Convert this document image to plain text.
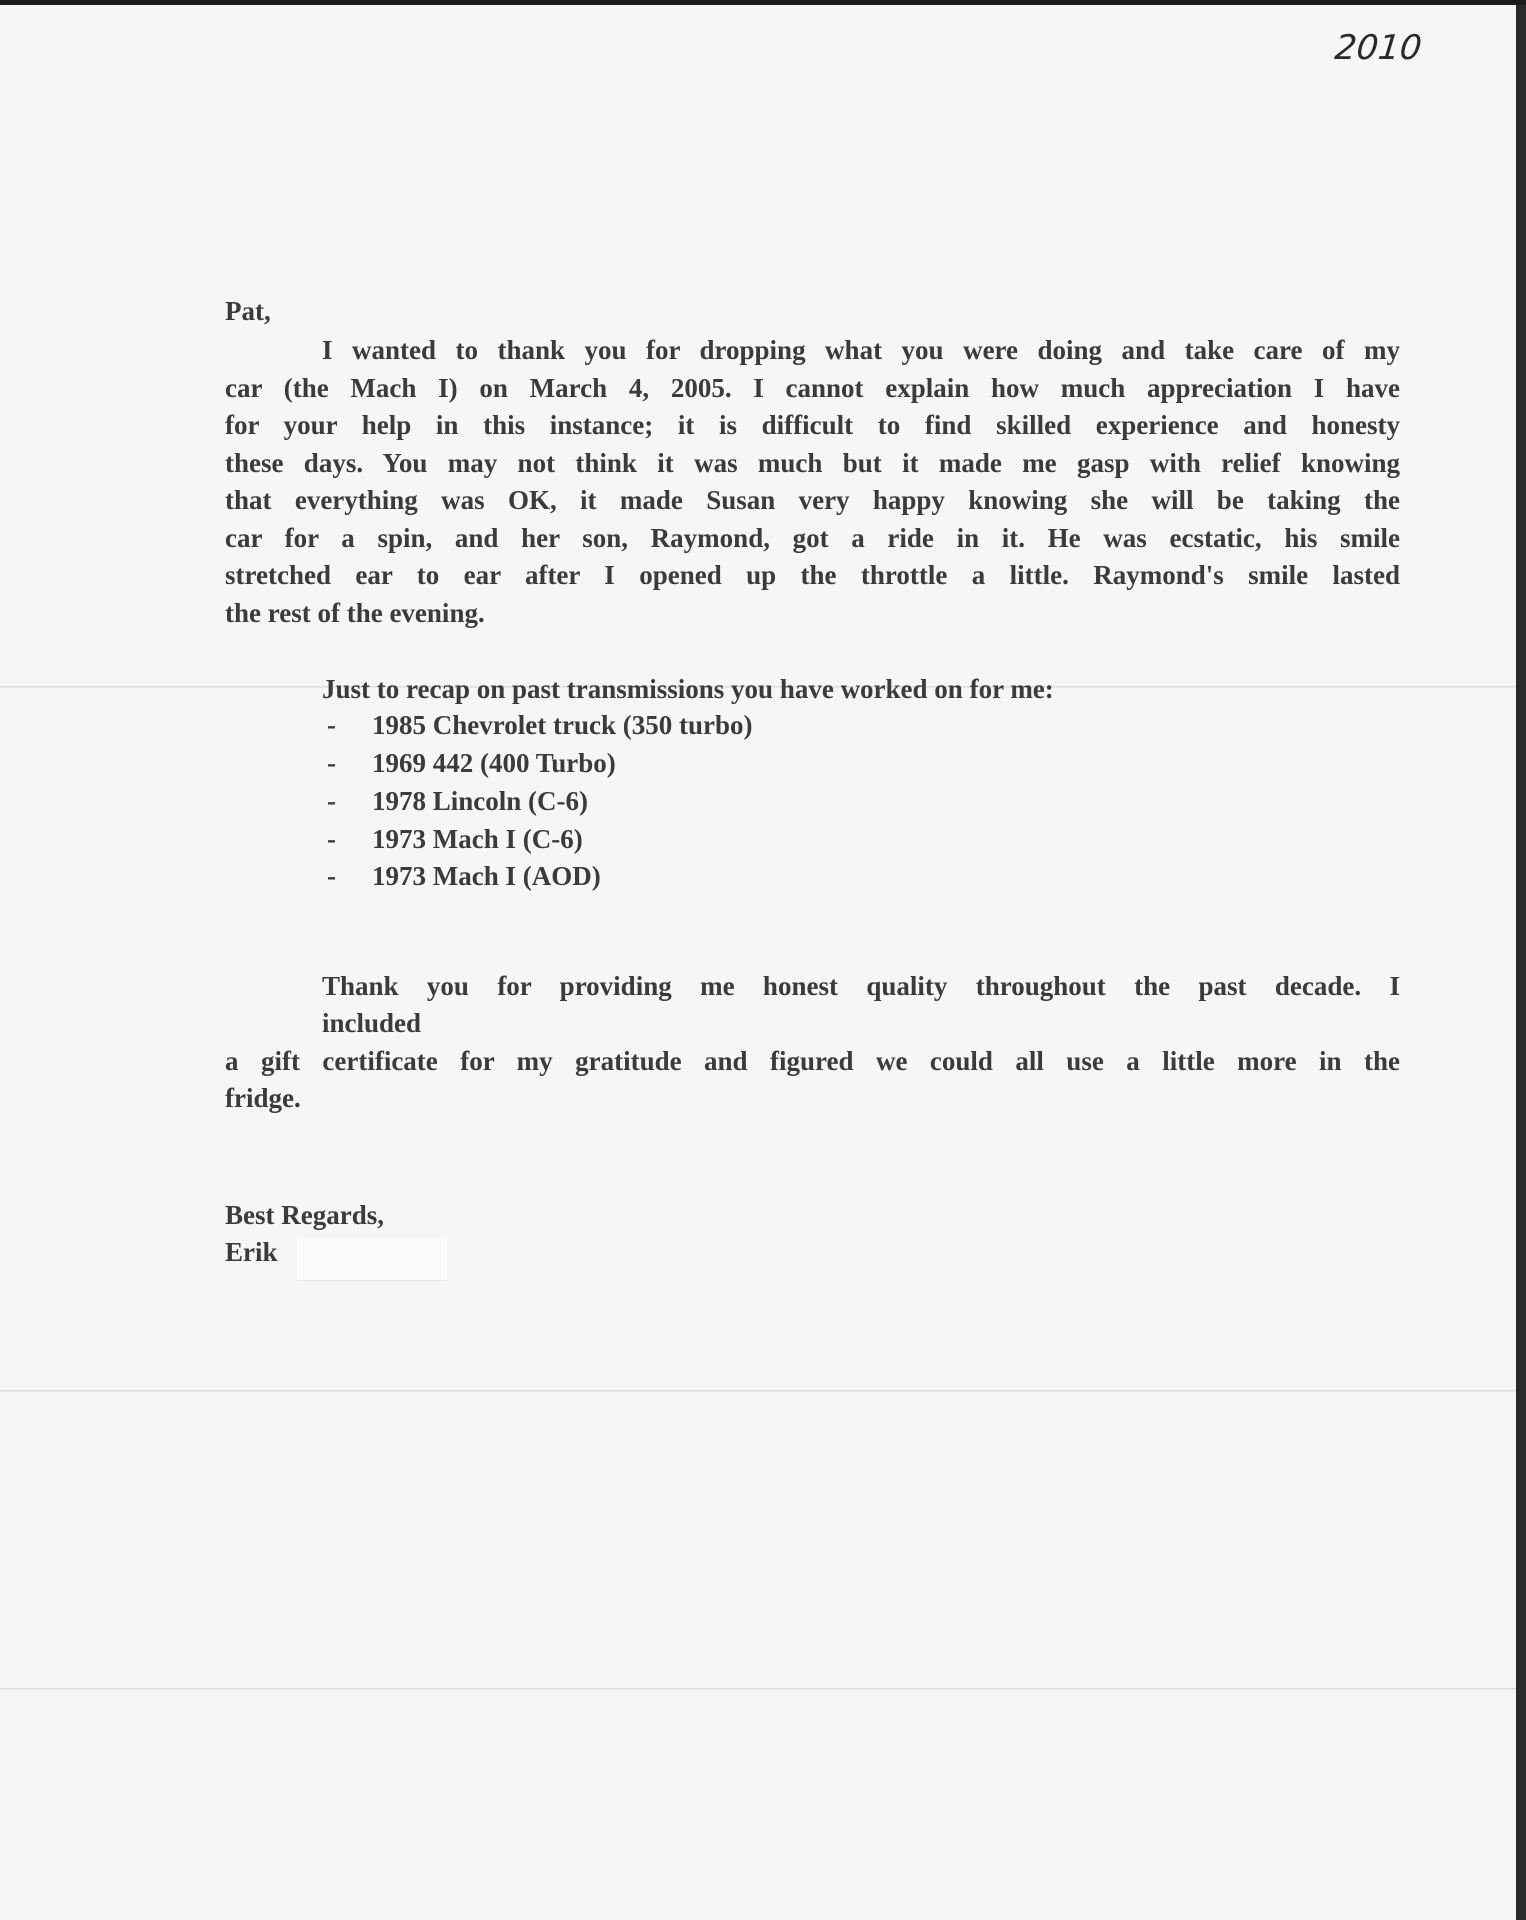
2010
Pat,
I wanted to thank you for dropping what you were doing and take care of my
car (the Mach I) on March 4, 2005. I cannot explain how much appreciation I have
for your help in this instance; it is difficult to find skilled experience and honesty
these days. You may not think it was much but it made me gasp with relief knowing
that everything was OK, it made Susan very happy knowing she will be taking the
car for a spin, and her son, Raymond, got a ride in it. He was ecstatic, his smile
stretched ear to ear after I opened up the throttle a little. Raymond's smile lasted
the rest of the evening.
Just to recap on past transmissions you have worked on for me:
- 1985 Chevrolet truck (350 turbo)
- 1969 442 (400 Turbo)
- 1978 Lincoln (C-6)
- 1973 Mach I (C-6)
- 1973 Mach I (AOD)
Thank you for providing me honest quality throughout the past decade. I
included
a gift certificate for my gratitude and figured we could all use a little more in the
fridge.
Best Regards,
Erik
